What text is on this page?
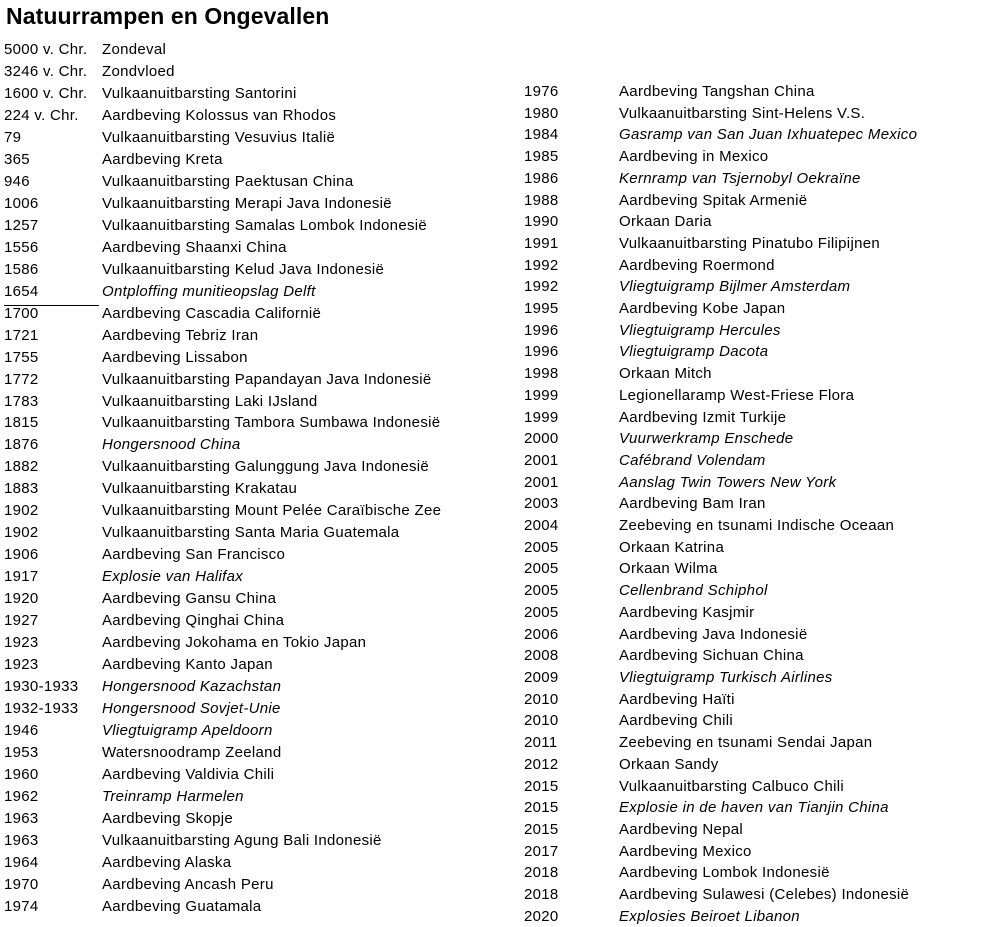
Natuurrampen en Ongevallen
5000 v. Chr. Zondeval
3246 v. Chr. Zondvloed
1600 v. Chr. Vulkaanuitbarsting Santorini
224 v. Chr. Aardbeving Kolossus van Rhodos
79	Vulkaanuitbarsting Vesuvius Italië
365	Aardbeving Kreta
946	Vulkaanuitbarsting Paektusan China
1006	Vulkaanuitbarsting Merapi Java Indonesië
1257	Vulkaanuitbarsting Samalas Lombok Indonesië
1556	Aardbeving Shaanxi China
1586	Vulkaanuitbarsting Kelud Java Indonesië
1654	Ontploffing munitieopslag Delft
1700	Aardbeving Cascadia Californië
1721	Aardbeving Tebriz Iran
1755	Aardbeving Lissabon
1772	Vulkaanuitbarsting Papandayan Java Indonesië
1783	Vulkaanuitbarsting Laki IJsland
1815	Vulkaanuitbarsting Tambora Sumbawa Indonesië
1876	Hongersnood China
1882	Vulkaanuitbarsting Galunggung Java Indonesië
1883	Vulkaanuitbarsting Krakatau
1902	Vulkaanuitbarsting Mount Pelée Caraïbische Zee
1902	Vulkaanuitbarsting Santa Maria Guatemala
1906	Aardbeving San Francisco
1917	Explosie van Halifax
1920	Aardbeving Gansu China
1927	Aardbeving Qinghai China
1923	Aardbeving Jokohama en Tokio Japan
1923	Aardbeving Kanto Japan
1930-1933 Hongersnood Kazachstan
1932-1933 Hongersnood Sovjet-Unie
1946	Vliegtuigramp Apeldoorn
1953	Watersnoodramp Zeeland
1960	Aardbeving Valdivia Chili
1962	Treinramp Harmelen
1963	Aardbeving Skopje
1963	Vulkaanuitbarsting Agung Bali Indonesië
1964	Aardbeving Alaska
1970	Aardbeving Ancash Peru
1974	Aardbeving Guatamala
1976	Aardbeving Tangshan China
1980	Vulkaanuitbarsting Sint-Helens V.S.
1984	Gasramp van San Juan Ixhuatepec Mexico
1985	Aardbeving in Mexico
1986	Kernramp van Tsjernobyl Oekraïne
1988	Aardbeving Spitak Armenië
1990	Orkaan Daria
1991	Vulkaanuitbarsting Pinatubo Filipijnen
1992	Aardbeving Roermond
1992	Vliegtuigramp Bijlmer Amsterdam
1995	Aardbeving Kobe Japan
1996	Vliegtuigramp Hercules
1996	Vliegtuigramp Dacota
1998	Orkaan Mitch
1999	Legionellaramp West-Friese Flora
1999	Aardbeving Izmit Turkije
2000	Vuurwerkramp Enschede
2001	Cafébrand Volendam
2001	Aanslag Twin Towers New York
2003	Aardbeving Bam Iran
2004	Zeebeving en tsunami Indische Oceaan
2005	Orkaan Katrina
2005	Orkaan Wilma
2005	Cellenbrand Schiphol
2005	Aardbeving Kasjmir
2006	Aardbeving Java Indonesië
2008	Aardbeving Sichuan China
2009	Vliegtuigramp Turkisch Airlines
2010	Aardbeving Haïti
2010	Aardbeving Chili
2011	Zeebeving en tsunami Sendai Japan
2012	Orkaan Sandy
2015	Vulkaanuitbarsting Calbuco Chili
2015	Explosie in de haven van Tianjin China
2015	Aardbeving Nepal
2017	Aardbeving Mexico
2018	Aardbeving Lombok Indonesië
2018	Aardbeving Sulawesi (Celebes) Indonesië
2020	Explosies Beiroet Libanon
